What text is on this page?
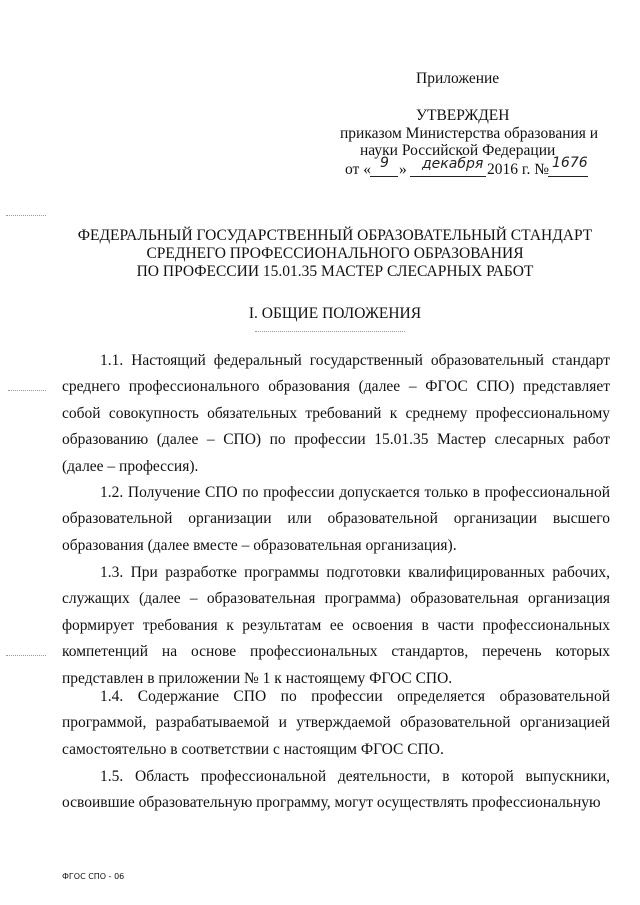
Приложение
УТВЕРЖДЕН
приказом Министерства образования и
науки Российской Федерации
от « 9 » декабря 2016 г. № 1676
ФЕДЕРАЛЬНЫЙ ГОСУДАРСТВЕННЫЙ ОБРАЗОВАТЕЛЬНЫЙ СТАНДАРТ
СРЕДНЕГО ПРОФЕССИОНАЛЬНОГО ОБРАЗОВАНИЯ
ПО ПРОФЕССИИ 15.01.35 МАСТЕР СЛЕСАРНЫХ РАБОТ
I. ОБЩИЕ ПОЛОЖЕНИЯ

1.1. Настоящий федеральный государственный образовательный стандарт среднего профессионального образования (далее – ФГОС СПО) представляет собой совокупность обязательных требований к среднему профессиональному образованию (далее – СПО) по профессии 15.01.35 Мастер слесарных работ (далее – профессия).

1.2. Получение СПО по профессии допускается только в профессиональной образовательной организации или образовательной организации высшего образования (далее вместе – образовательная организация).

1.3. При разработке программы подготовки квалифицированных рабочих, служащих (далее – образовательная программа) образовательная организация формирует требования к результатам ее освоения в части профессиональных компетенций на основе профессиональных стандартов, перечень которых представлен в приложении № 1 к настоящему ФГОС СПО.

1.4. Содержание СПО по профессии определяется образовательной программой, разрабатываемой и утверждаемой образовательной организацией самостоятельно в соответствии с настоящим ФГОС СПО.

1.5. Область профессиональной деятельности, в которой выпускники, освоившие образовательную программу, могут осуществлять профессиональную

ФГОС СПО - 06
